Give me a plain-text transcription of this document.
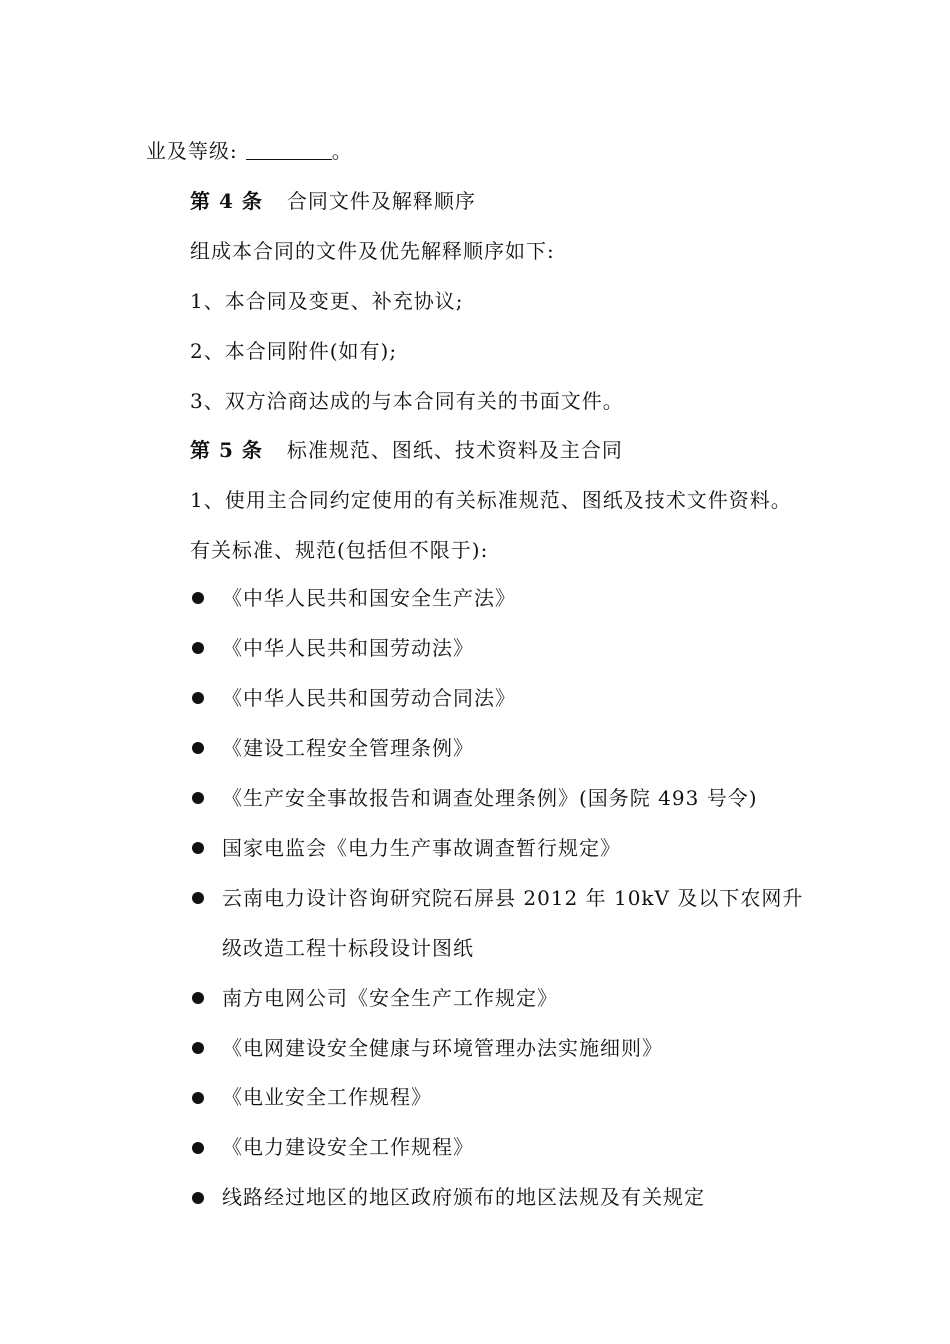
业及等级:	。
第 4 条 合同文件及解释顺序
组成本合同的文件及优先解释顺序如下:
1、本合同及变更、补充协议;
2、本合同附件(如有);
3、双方洽商达成的与本合同有关的书面文件。
第 5 条 标准规范、图纸、技术资料及主合同
1、使用主合同约定使用的有关标准规范、图纸及技术文件资料。
有关标准、规范(包括但不限于):
《中华人民共和国安全生产法》
《中华人民共和国劳动法》
《中华人民共和国劳动合同法》
《建设工程安全管理条例》
《生产安全事故报告和调查处理条例》(国务院 493 号令)
国家电监会《电力生产事故调查暂行规定》
云南电力设计咨询研究院石屏县 2012 年 10kV 及以下农网升
级改造工程十标段设计图纸
南方电网公司《安全生产工作规定》
《电网建设安全健康与环境管理办法实施细则》
《电业安全工作规程》
《电力建设安全工作规程》
线路经过地区的地区政府颁布的地区法规及有关规定
